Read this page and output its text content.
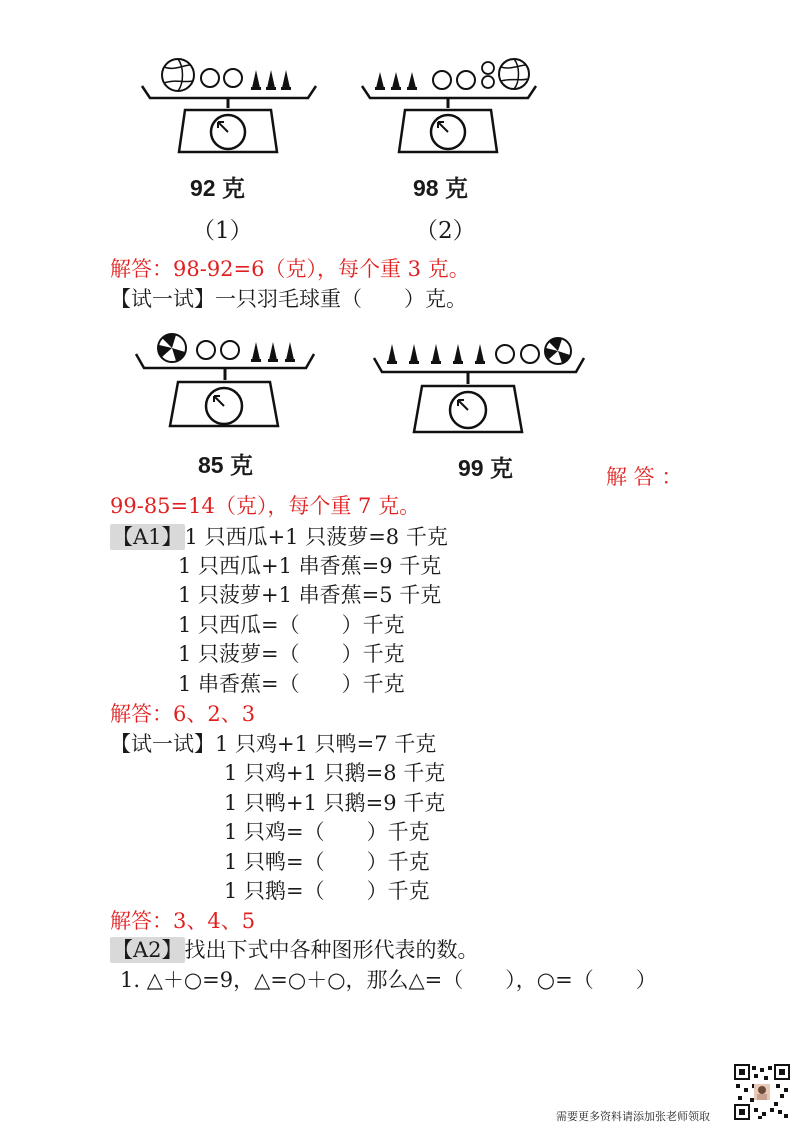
92 克
（1）
98 克
（2）
解答：98-92=6（克），每个重 3 克。
【试一试】一只羽毛球重（　　）克。
85 克	99 克	解 答 ：
99-85=14（克），每个重 7 克。
【A1】1 只西瓜+1 只菠萝=8 千克
1 只西瓜+1 串香蕉=9 千克
1 只菠萝+1 串香蕉=5 千克
1 只西瓜=（　　）千克
1 只菠萝=（　　）千克
1 串香蕉=（　　）千克
解答：6、2、3
【试一试】1 只鸡+1 只鸭=7 千克
1 只鸡+1 只鹅=8 千克
1 只鸭+1 只鹅=9 千克
1 只鸡=（　　）千克
1 只鸭=（　　）千克
1 只鹅=（　　）千克
解答：3、4、5
【A2】找出下式中各种图形代表的数。
1. △＋○=9，△=○＋○，那么△=（　　），○=（　　）
需要更多资料请添加张老师领取
